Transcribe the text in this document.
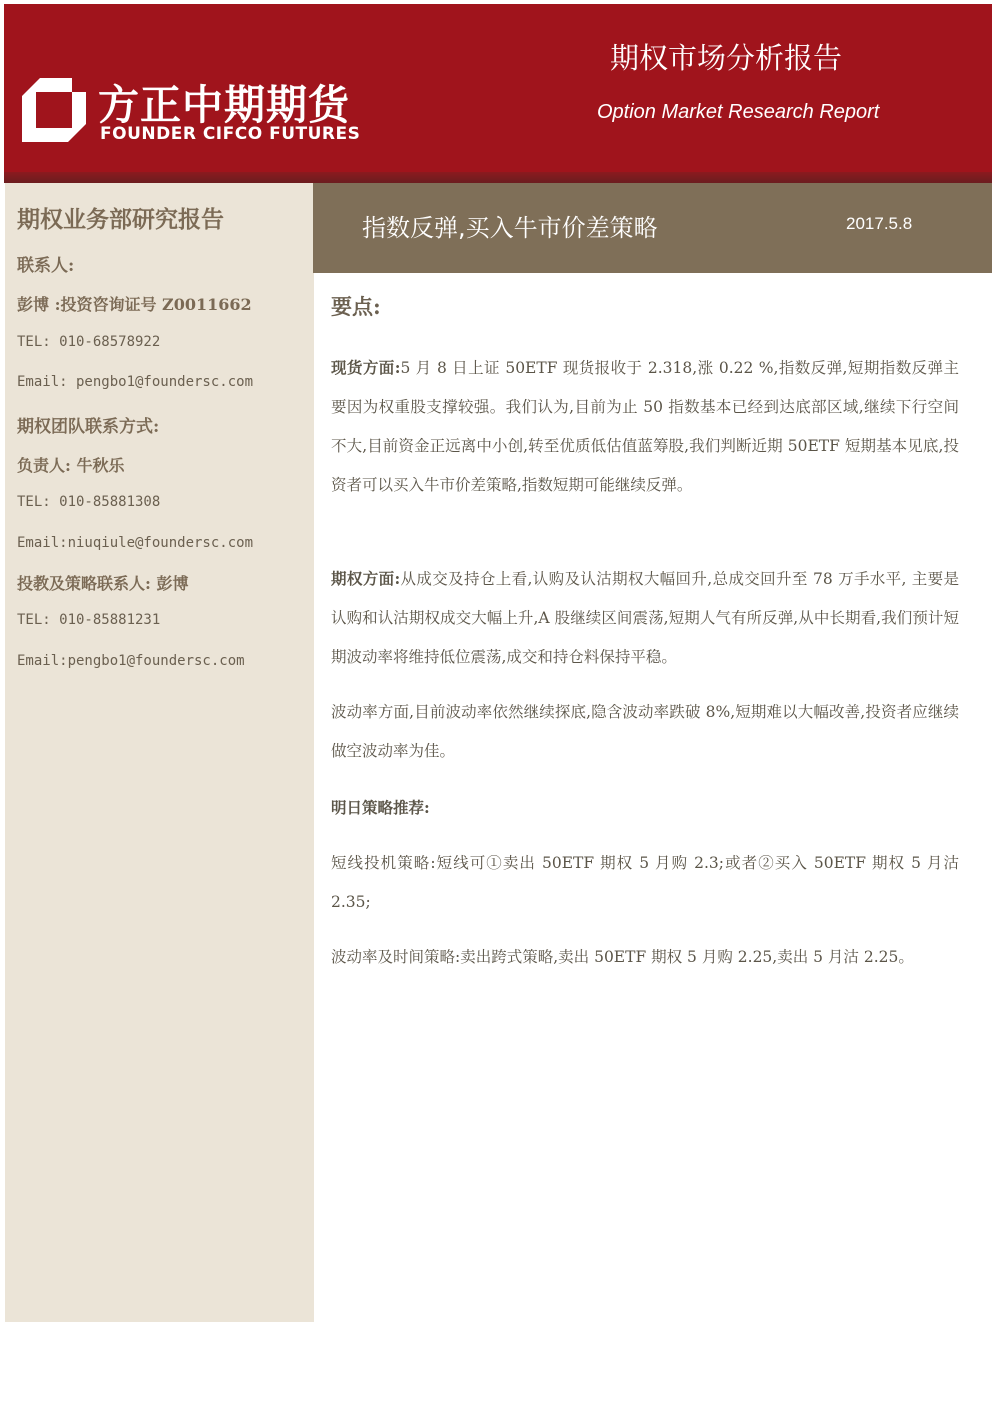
方正中期期货
FOUNDER CIFCO FUTURES
期权市场分析报告
Option Market Research Report
期权业务部研究报告
联系人:
彭博 :投资咨询证号 Z0011662
TEL: 010-68578922
Email: pengbo1@foundersc.com
期权团队联系方式:
负责人: 牛秋乐
TEL: 010-85881308
Email:niuqiule@foundersc.com
投教及策略联系人: 彭博
TEL: 010-85881231
Email:pengbo1@foundersc.com
指数反弹,买入牛市价差策略	2017.5.8
要点:
现货方面:5 月 8 日上证 50ETF 现货报收于 2.318,涨 0.22 %,指数反弹,短期指数反弹主要因为权重股支撑较强。我们认为,目前为止 50 指数基本已经到达底部区域,继续下行空间不大,目前资金正远离中小创,转至优质低估值蓝筹股,我们判断近期 50ETF 短期基本见底,投资者可以买入牛市价差策略,指数短期可能继续反弹。
期权方面:从成交及持仓上看,认购及认沽期权大幅回升,总成交回升至 78 万手水平, 主要是认购和认沽期权成交大幅上升,A 股继续区间震荡,短期人气有所反弹,从中长期看,我们预计短期波动率将维持低位震荡,成交和持仓料保持平稳。
波动率方面,目前波动率依然继续探底,隐含波动率跌破 8%,短期难以大幅改善,投资者应继续做空波动率为佳。
明日策略推荐:
短线投机策略:短线可①卖出 50ETF 期权 5 月购 2.3;或者②买入 50ETF 期权 5 月沽 2.35;
波动率及时间策略:卖出跨式策略,卖出 50ETF 期权 5 月购 2.25,卖出 5 月沽 2.25。
